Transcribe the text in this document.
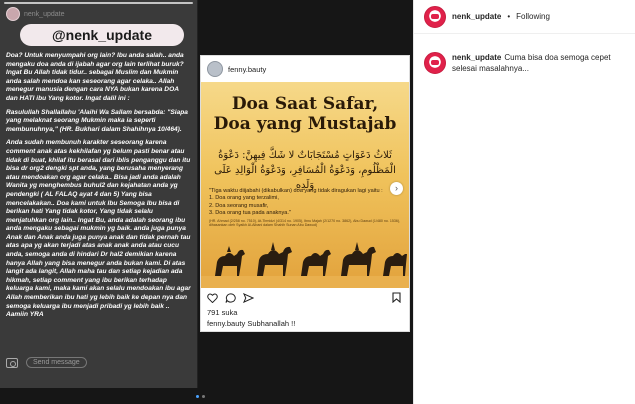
nenk_update
@nenk_update

Doa? Untuk menyumpahi org lain? Ibu anda salah.. anda mengaku doa anda di ijabah agar org lain terlihat buruk? Ingat Bu Allah tidak tidur.. sebagai Muslim dan Mukmin anda salah mendoa kan seseorang agar celaka.. Allah menegur manusia dengan cara NYA bukan karena DOA dan HATI ibu Yang kotor. Ingat dalil ini :

Rasulullah Shallallahu 'Alaihi Wa Sallam bersabda: "Siapa yang melaknat seorang Mukmin maka ia seperti membunuhnya," (HR. Bukhari dalam Shahihnya 10/464).

Anda sudah membunuh karakter seseorang karena comment anak atas kekhilafan yg belum pasti benar atau tidak di buat, khilaf itu berasal dari iblis penganggu dan itu bisa dr org2 dengki spt anda, yang berusaha menyerang atau mendoakan org agar celaka.. Bisa jadi anda adalah Wanita yg menghembus buhul2 dan kejahatan anda yg pendengki ( AL FALAQ ayat 4 dan 5) Yang bisa mencelakakan.. Doa kami untuk Ibu Semoga Ibu bisa di berikan hati Yang tidak kotor, Yang tidak selalu menjatuhkan org lain.. Ingat Bu, anda adalah seorang ibu anda mengaku sebagai mukmin yg baik. anda juga punya Anak dan Anak anda juga punya anak dan tidak pernah tau atas apa yg akan terjadi atas anak anak anda atau cucu anda, semoga anda di hindari Dr hal2 demikian karena hanya Allah yang bisa menegur anda bukan kami. Di atas langit ada langit, Allah maha tau dan setiap kejadian ada hikmah, setiap comment yang ibu berikan terhadap keluarga kami, maka kami akan selalu mendoakan ibu agar Allah memberikan ibu hati yg lebih baik ke depan nya dan semoga keluarga ibu menjadi pribadi yg lebih baik .. Aamiin YRA

Send message
fenny.bauty
Doa Saat Safar,
Doa yang Mustajab
ثَلاثُ دَعَوَاتٍ مُسْتَجَابَاتٌ لا شَكَّ فِيهِنَّ: دَعْوَةُ
الْمَظْلُومِ، وَدَعْوَةُ الْمُسَافِرِ، وَدَعْوَةُ الْوَالِدِ عَلَى وَلَدِهِ
"Tiga waktu diijabahi (dikabulkan) doa yang tidak diragukan lagi yaitu :
1. Doa orang yang terzalimi,
2. Doa seorang musafir,
3. Doa orang tua pada anaknya."
(HR. Ahmad (2/258 no. 7510), At-Tirmidzi (4/314 no. 1905), Ibnu Majah (2/1270 no. 3862), Abu Dawud (1/480 no. 1536), dihasankan oleh Syaikh Al-Albani dalam Shahih Sunan Abu Dawud)
›
791 suka
fenny.bauty Subhanallah !!
nenk_update • Following
nenk_update Cuma bisa doa semoga cepet selesai masalahnya...
